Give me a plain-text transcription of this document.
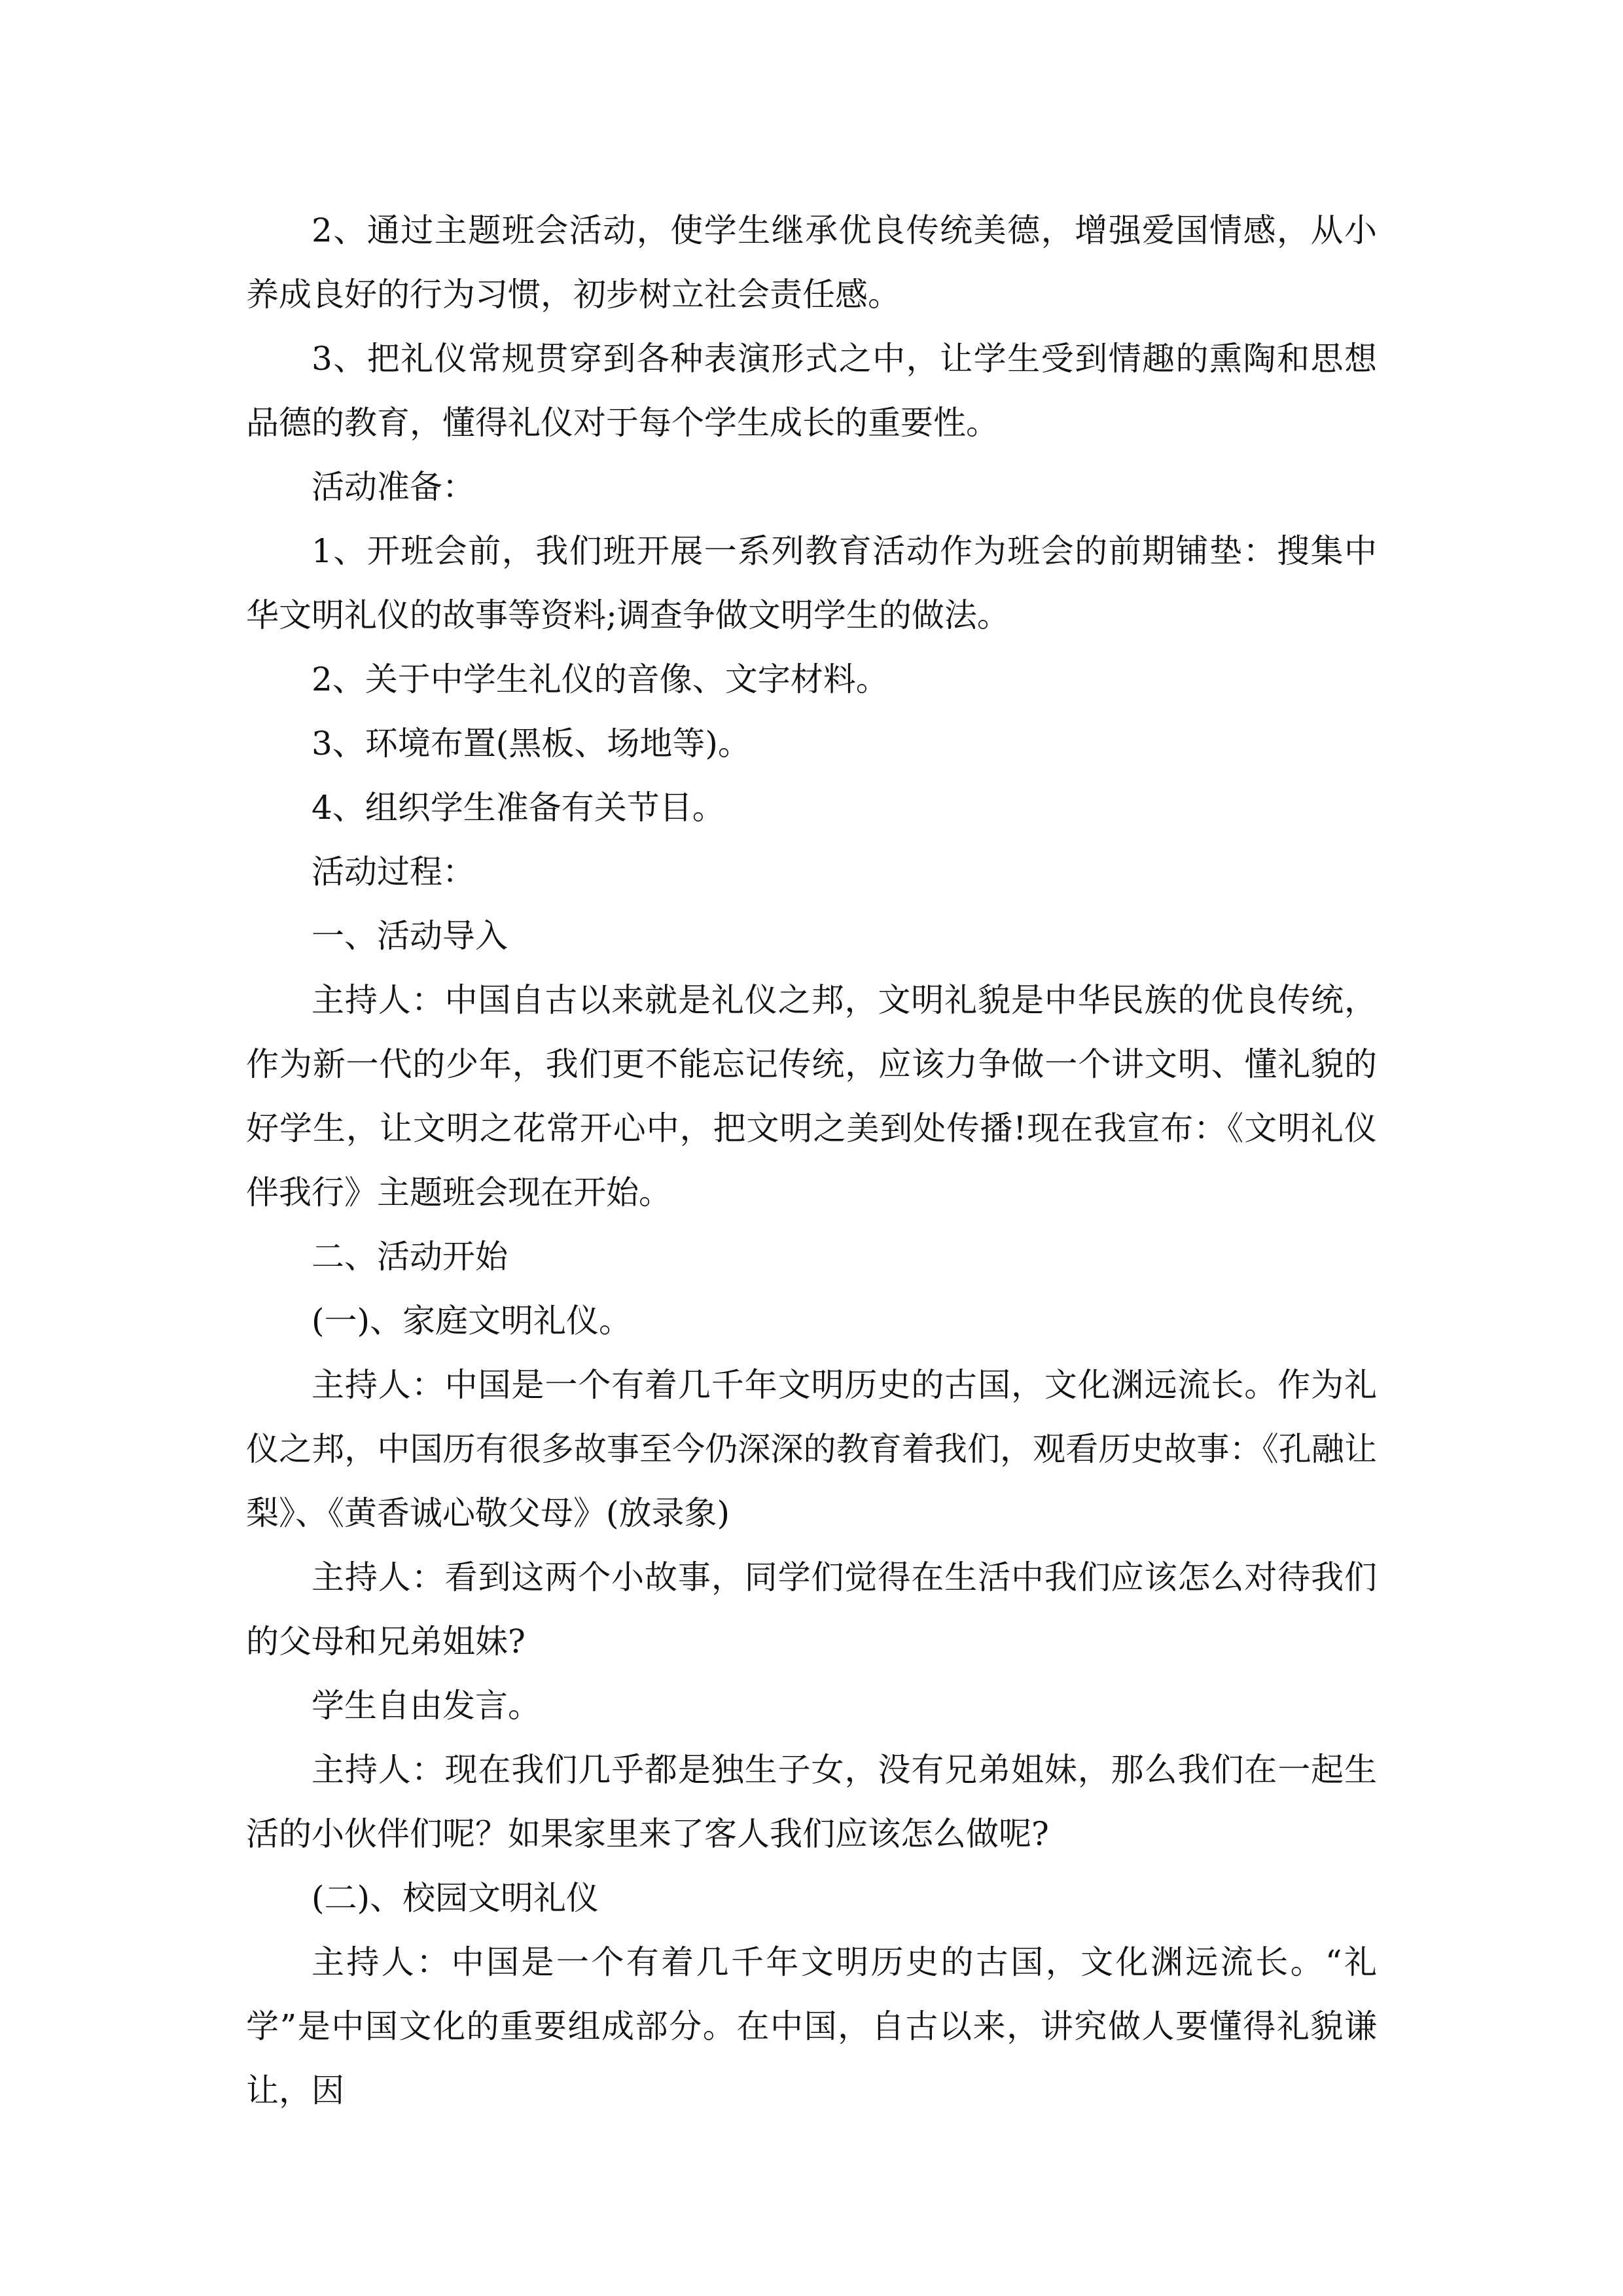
2、通过主题班会活动，使学生继承优良传统美德，增强爱国情感，从小养成良好的行为习惯，初步树立社会责任感。

3、把礼仪常规贯穿到各种表演形式之中，让学生受到情趣的熏陶和思想品德的教育，懂得礼仪对于每个学生成长的重要性。

活动准备：

1、开班会前，我们班开展一系列教育活动作为班会的前期铺垫：搜集中华文明礼仪的故事等资料;调查争做文明学生的做法。

2、关于中学生礼仪的音像、文字材料。

3、环境布置(黑板、场地等)。

4、组织学生准备有关节目。

活动过程：

一、活动导入

主持人：中国自古以来就是礼仪之邦，文明礼貌是中华民族的优良传统，作为新一代的少年，我们更不能忘记传统，应该力争做一个讲文明、懂礼貌的好学生，让文明之花常开心中，把文明之美到处传播!现在我宣布：《文明礼仪伴我行》主题班会现在开始。

二、活动开始

(一)、家庭文明礼仪。

主持人：中国是一个有着几千年文明历史的古国，文化渊远流长。作为礼仪之邦，中国历有很多故事至今仍深深的教育着我们，观看历史故事：《孔融让梨》、《黄香诚心敬父母》(放录象)

主持人：看到这两个小故事，同学们觉得在生活中我们应该怎么对待我们的父母和兄弟姐妹?

学生自由发言。

主持人：现在我们几乎都是独生子女，没有兄弟姐妹，那么我们在一起生活的小伙伴们呢？如果家里来了客人我们应该怎么做呢?

(二)、校园文明礼仪

主持人：中国是一个有着几千年文明历史的古国，文化渊远流长。“礼学”是中国文化的重要组成部分。在中国，自古以来，讲究做人要懂得礼貌谦让，因
